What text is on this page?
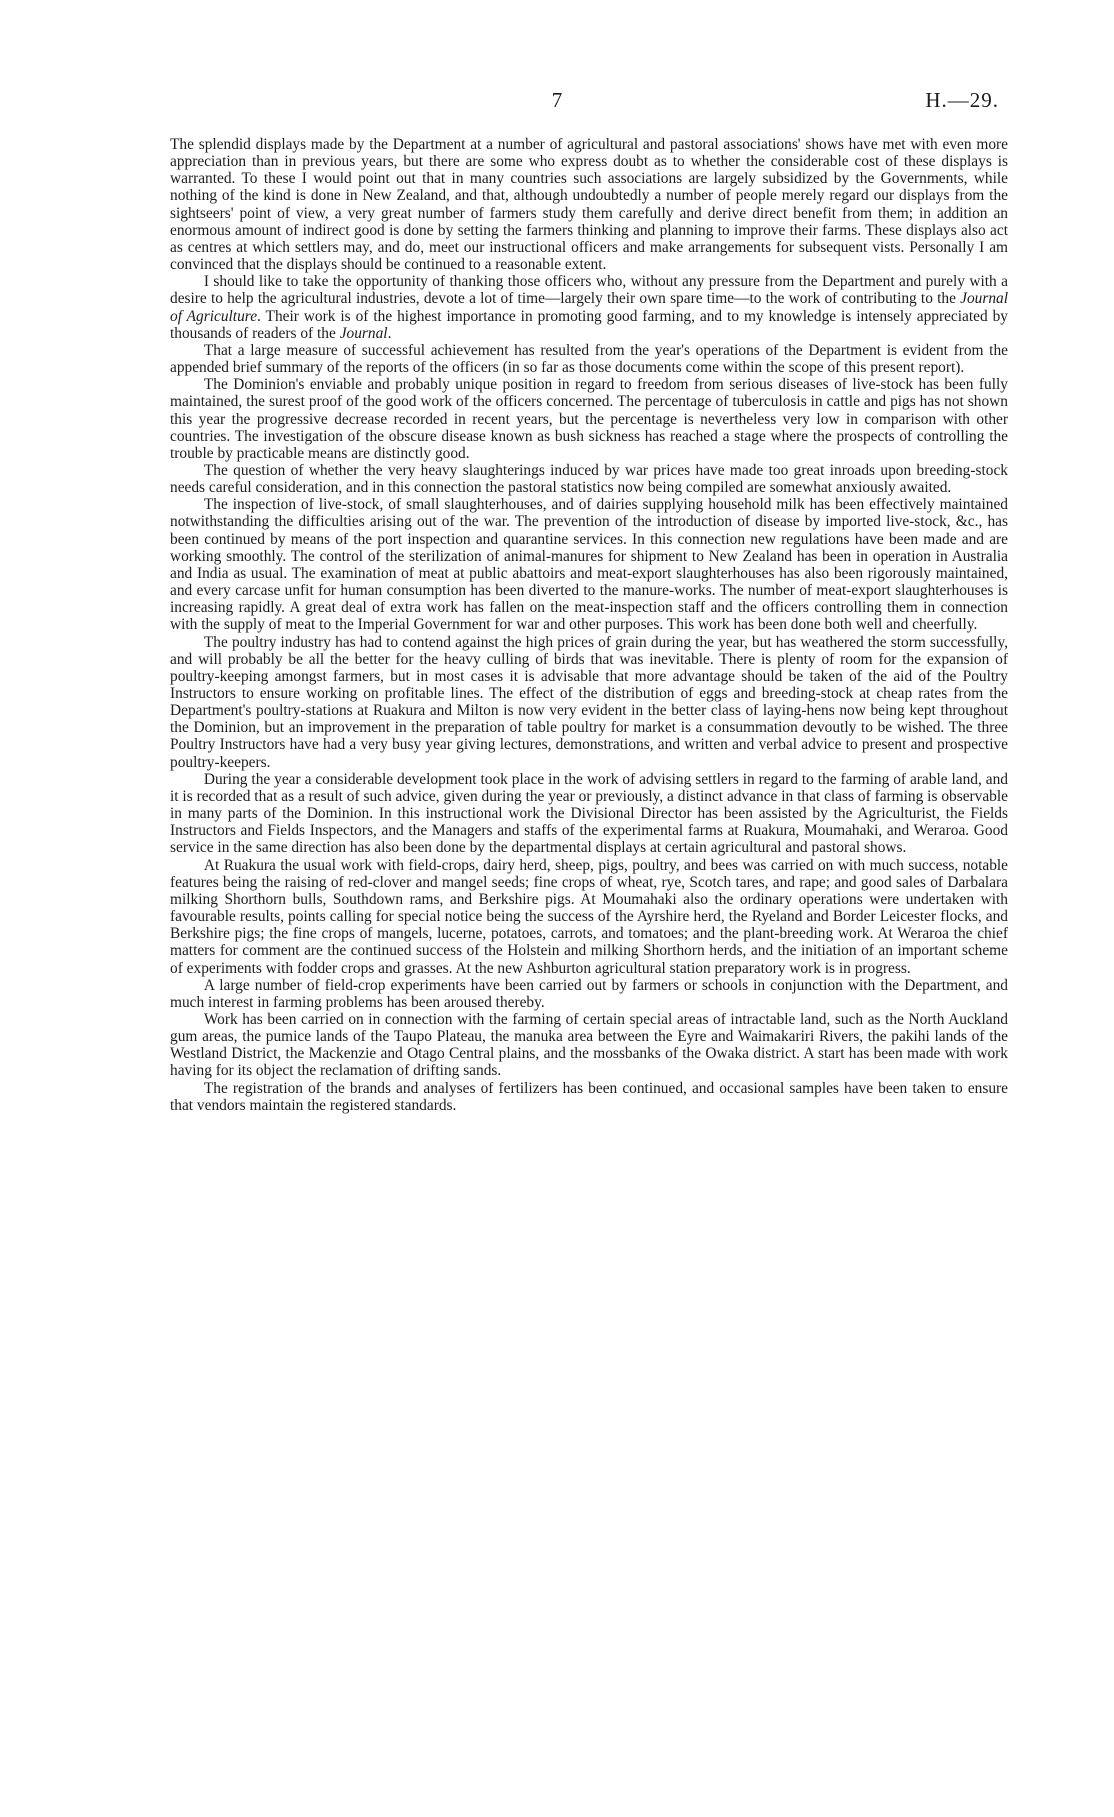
7	H.—29.

The splendid displays made by the Department at a number of agricultural and pastoral associations' shows have met with even more appreciation than in previous years, but there are some who express doubt as to whether the considerable cost of these displays is warranted. To these I would point out that in many countries such associations are largely subsidized by the Governments, while nothing of the kind is done in New Zealand, and that, although undoubtedly a number of people merely regard our displays from the sightseers' point of view, a very great number of farmers study them carefully and derive direct benefit from them; in addition an enormous amount of indirect good is done by setting the farmers thinking and planning to improve their farms. These displays also act as centres at which settlers may, and do, meet our instructional officers and make arrangements for subsequent vists. Personally I am convinced that the displays should be continued to a reasonable extent.

I should like to take the opportunity of thanking those officers who, without any pressure from the Department and purely with a desire to help the agricultural industries, devote a lot of time—largely their own spare time—to the work of contributing to the Journal of Agriculture. Their work is of the highest importance in promoting good farming, and to my knowledge is intensely appreciated by thousands of readers of the Journal.

That a large measure of successful achievement has resulted from the year's operations of the Department is evident from the appended brief summary of the reports of the officers (in so far as those documents come within the scope of this present report).

The Dominion's enviable and probably unique position in regard to freedom from serious diseases of live-stock has been fully maintained, the surest proof of the good work of the officers concerned. The percentage of tuberculosis in cattle and pigs has not shown this year the progressive decrease recorded in recent years, but the percentage is nevertheless very low in comparison with other countries. The investigation of the obscure disease known as bush sickness has reached a stage where the prospects of controlling the trouble by practicable means are distinctly good.

The question of whether the very heavy slaughterings induced by war prices have made too great inroads upon breeding-stock needs careful consideration, and in this connection the pastoral statistics now being compiled are somewhat anxiously awaited.

The inspection of live-stock, of small slaughterhouses, and of dairies supplying household milk has been effectively maintained notwithstanding the difficulties arising out of the war. The prevention of the introduction of disease by imported live-stock, &c., has been continued by means of the port inspection and quarantine services. In this connection new regulations have been made and are working smoothly. The control of the sterilization of animal-manures for shipment to New Zealand has been in operation in Australia and India as usual. The examination of meat at public abattoirs and meat-export slaughterhouses has also been rigorously maintained, and every carcase unfit for human consumption has been diverted to the manure-works. The number of meat-export slaughterhouses is increasing rapidly. A great deal of extra work has fallen on the meat-inspection staff and the officers controlling them in connection with the supply of meat to the Imperial Government for war and other purposes. This work has been done both well and cheerfully.

The poultry industry has had to contend against the high prices of grain during the year, but has weathered the storm successfully, and will probably be all the better for the heavy culling of birds that was inevitable. There is plenty of room for the expansion of poultry-keeping amongst farmers, but in most cases it is advisable that more advantage should be taken of the aid of the Poultry Instructors to ensure working on profitable lines. The effect of the distribution of eggs and breeding-stock at cheap rates from the Department's poultry-stations at Ruakura and Milton is now very evident in the better class of laying-hens now being kept throughout the Dominion, but an improvement in the preparation of table poultry for market is a consummation devoutly to be wished. The three Poultry Instructors have had a very busy year giving lectures, demonstrations, and written and verbal advice to present and prospective poultry-keepers.

During the year a considerable development took place in the work of advising settlers in regard to the farming of arable land, and it is recorded that as a result of such advice, given during the year or previously, a distinct advance in that class of farming is observable in many parts of the Dominion. In this instructional work the Divisional Director has been assisted by the Agriculturist, the Fields Instructors and Fields Inspectors, and the Managers and staffs of the experimental farms at Ruakura, Moumahaki, and Weraroa. Good service in the same direction has also been done by the departmental displays at certain agricultural and pastoral shows.

At Ruakura the usual work with field-crops, dairy herd, sheep, pigs, poultry, and bees was carried on with much success, notable features being the raising of red-clover and mangel seeds; fine crops of wheat, rye, Scotch tares, and rape; and good sales of Darbalara milking Shorthorn bulls, Southdown rams, and Berkshire pigs. At Moumahaki also the ordinary operations were undertaken with favourable results, points calling for special notice being the success of the Ayrshire herd, the Ryeland and Border Leicester flocks, and Berkshire pigs; the fine crops of mangels, lucerne, potatoes, carrots, and tomatoes; and the plant-breeding work. At Weraroa the chief matters for comment are the continued success of the Holstein and milking Shorthorn herds, and the initiation of an important scheme of experiments with fodder crops and grasses. At the new Ashburton agricultural station preparatory work is in progress.

A large number of field-crop experiments have been carried out by farmers or schools in conjunction with the Department, and much interest in farming problems has been aroused thereby.

Work has been carried on in connection with the farming of certain special areas of intractable land, such as the North Auckland gum areas, the pumice lands of the Taupo Plateau, the manuka area between the Eyre and Waimakariri Rivers, the pakihi lands of the Westland District, the Mackenzie and Otago Central plains, and the mossbanks of the Owaka district. A start has been made with work having for its object the reclamation of drifting sands.

The registration of the brands and analyses of fertilizers has been continued, and occasional samples have been taken to ensure that vendors maintain the registered standards.
